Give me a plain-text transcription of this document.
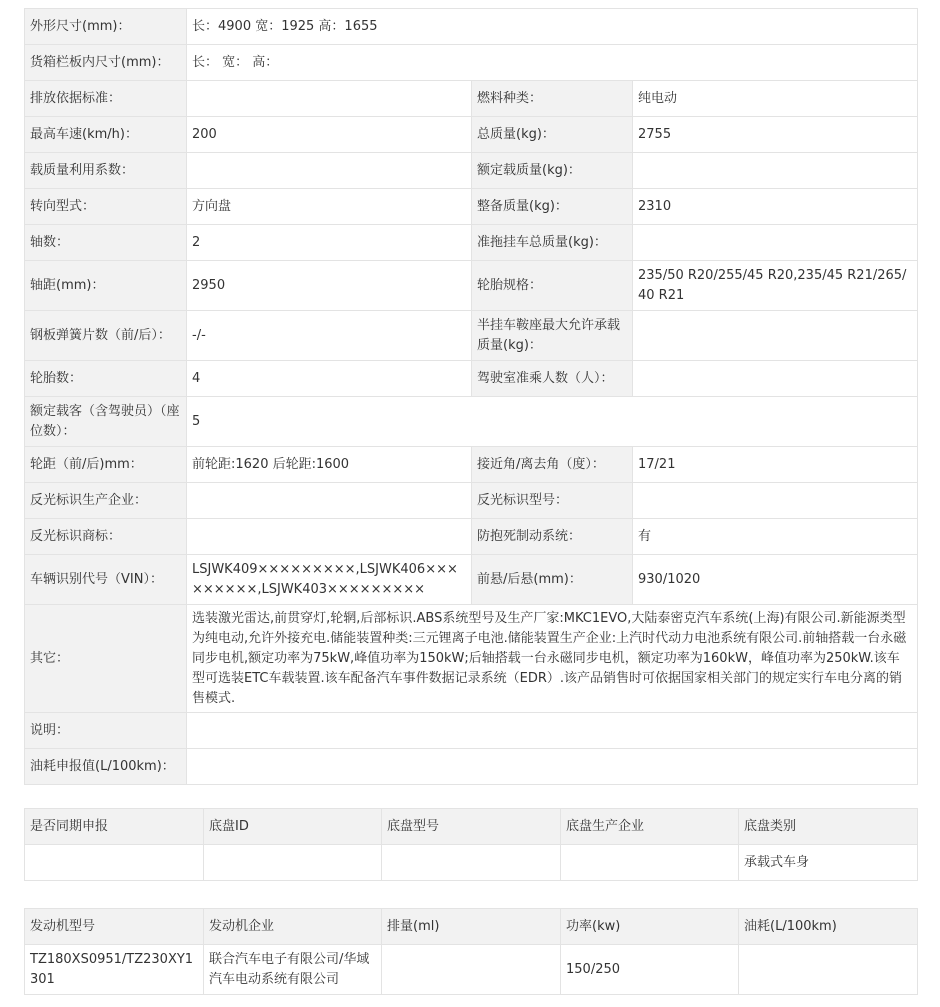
外形尺寸(mm)：	长：4900 宽：1925 高：1655		
货箱栏板内尺寸(mm)：	长： 宽： 高：		
排放依据标准：		燃料种类：	纯电动
最高车速(km/h)：	200	总质量(kg)：	2755
载质量利用系数：		额定载质量(kg)：	
转向型式：	方向盘	整备质量(kg)：	2310
轴数：	2	准拖挂车总质量(kg)：	
轴距(mm)：	2950	轮胎规格：	235/50 R20/255/45 R20,235/45 R21/265/40 R21
钢板弹簧片数（前/后）：	-/-	半挂车鞍座最大允许承载质量(kg)：	
轮胎数：	4	驾驶室准乘人数（人）：	
额定载客（含驾驶员）（座位数）：	5		
轮距（前/后)mm：	前轮距:1620 后轮距:1600	接近角/离去角（度）：	17/21
反光标识生产企业：		反光标识型号：	
反光标识商标：		防抱死制动系统：	有
车辆识别代号（VIN）：	LSJWK409×××××××××,LSJWK406×××××××××,LSJWK403×××××××××	前悬/后悬(mm)：	930/1020
其它：	选装激光雷达,前贯穿灯,轮辋,后部标识.ABS系统型号及生产厂家:MKC1EVO,大陆泰密克汽车系统(上海)有限公司.新能源类型为纯电动,允许外接充电.储能装置种类:三元锂离子电池.储能装置生产企业:上汽时代动力电池系统有限公司.前轴搭载一台永磁同步电机,额定功率为75kW,峰值功率为150kW;后轴搭载一台永磁同步电机，额定功率为160kW，峰值功率为250kW.该车型可选装ETC车载装置.该车配备汽车事件数据记录系统（EDR）.该产品销售时可依据国家相关部门的规定实行车电分离的销售模式.		
说明：			
油耗申报值(L/100km)：			
是否同期申报	底盘ID	底盘型号	底盘生产企业	底盘类别
				承载式车身
发动机型号	发动机企业	排量(ml)	功率(kw)	油耗(L/100km)
TZ180XS0951/TZ230XY1301	联合汽车电子有限公司/华域汽车电动系统有限公司		150/250	
